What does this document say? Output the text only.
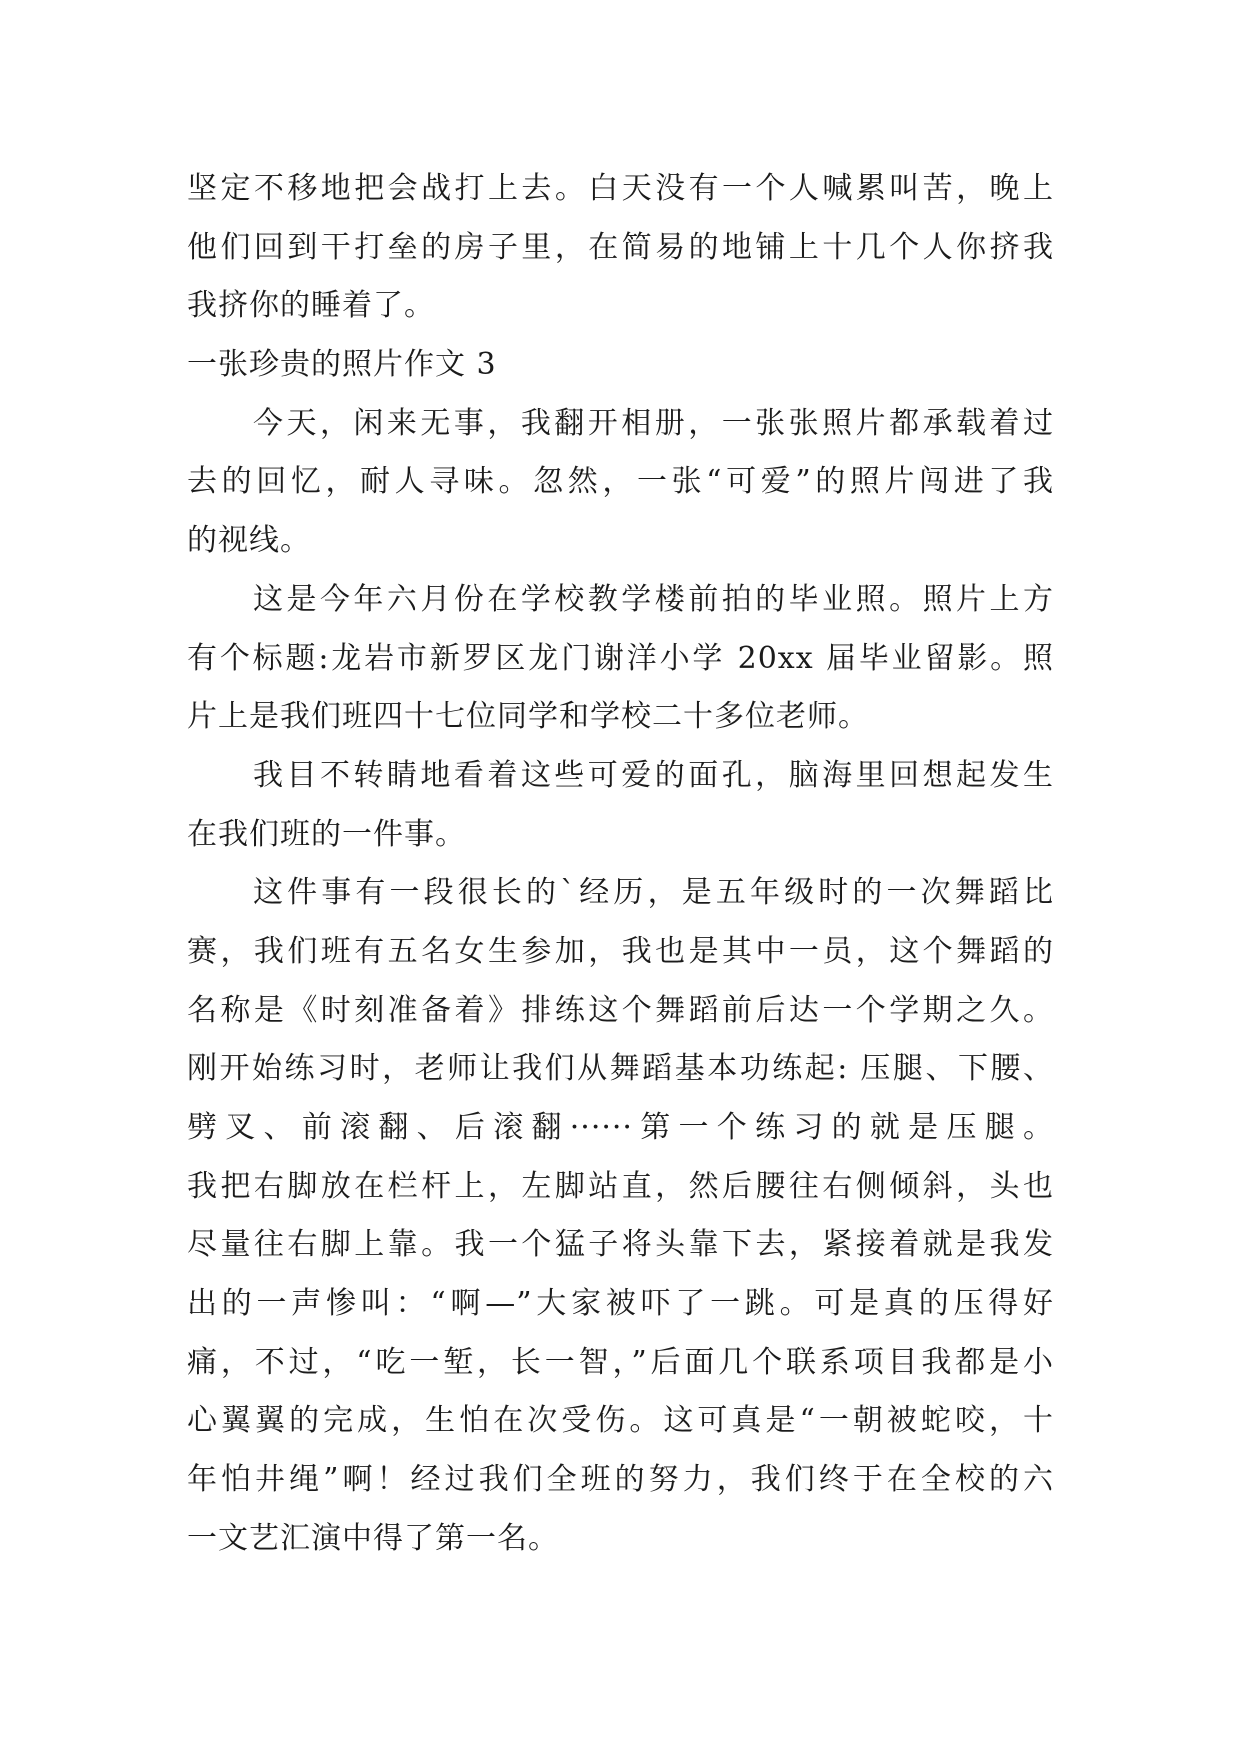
坚定不移地把会战打上去。白天没有一个人喊累叫苦，晚上
他们回到干打垒的房子里，在简易的地铺上十几个人你挤我
我挤你的睡着了。
一张珍贵的照片作文 3
今天，闲来无事，我翻开相册，一张张照片都承载着过
去的回忆，耐人寻味。忽然，一张“可爱”的照片闯进了我
的视线。
这是今年六月份在学校教学楼前拍的毕业照。照片上方
有个标题:龙岩市新罗区龙门谢洋小学 20xx 届毕业留影。照
片上是我们班四十七位同学和学校二十多位老师。
我目不转睛地看着这些可爱的面孔，脑海里回想起发生
在我们班的一件事。
这件事有一段很长的`经历，是五年级时的一次舞蹈比
赛，我们班有五名女生参加，我也是其中一员，这个舞蹈的
名称是《时刻准备着》排练这个舞蹈前后达一个学期之久。
刚开始练习时，老师让我们从舞蹈基本功练起: 压腿、下腰、
劈叉、前滚翻、后滚翻······第一个练习的就是压腿。
我把右脚放在栏杆上，左脚站直，然后腰往右侧倾斜，头也
尽量往右脚上靠。我一个猛子将头靠下去，紧接着就是我发
出的一声惨叫：“啊—”大家被吓了一跳。可是真的压得好
痛，不过，“吃一堑，长一智，”后面几个联系项目我都是小
心翼翼的完成，生怕在次受伤。这可真是“一朝被蛇咬，十
年怕井绳”啊！经过我们全班的努力，我们终于在全校的六
一文艺汇演中得了第一名。
